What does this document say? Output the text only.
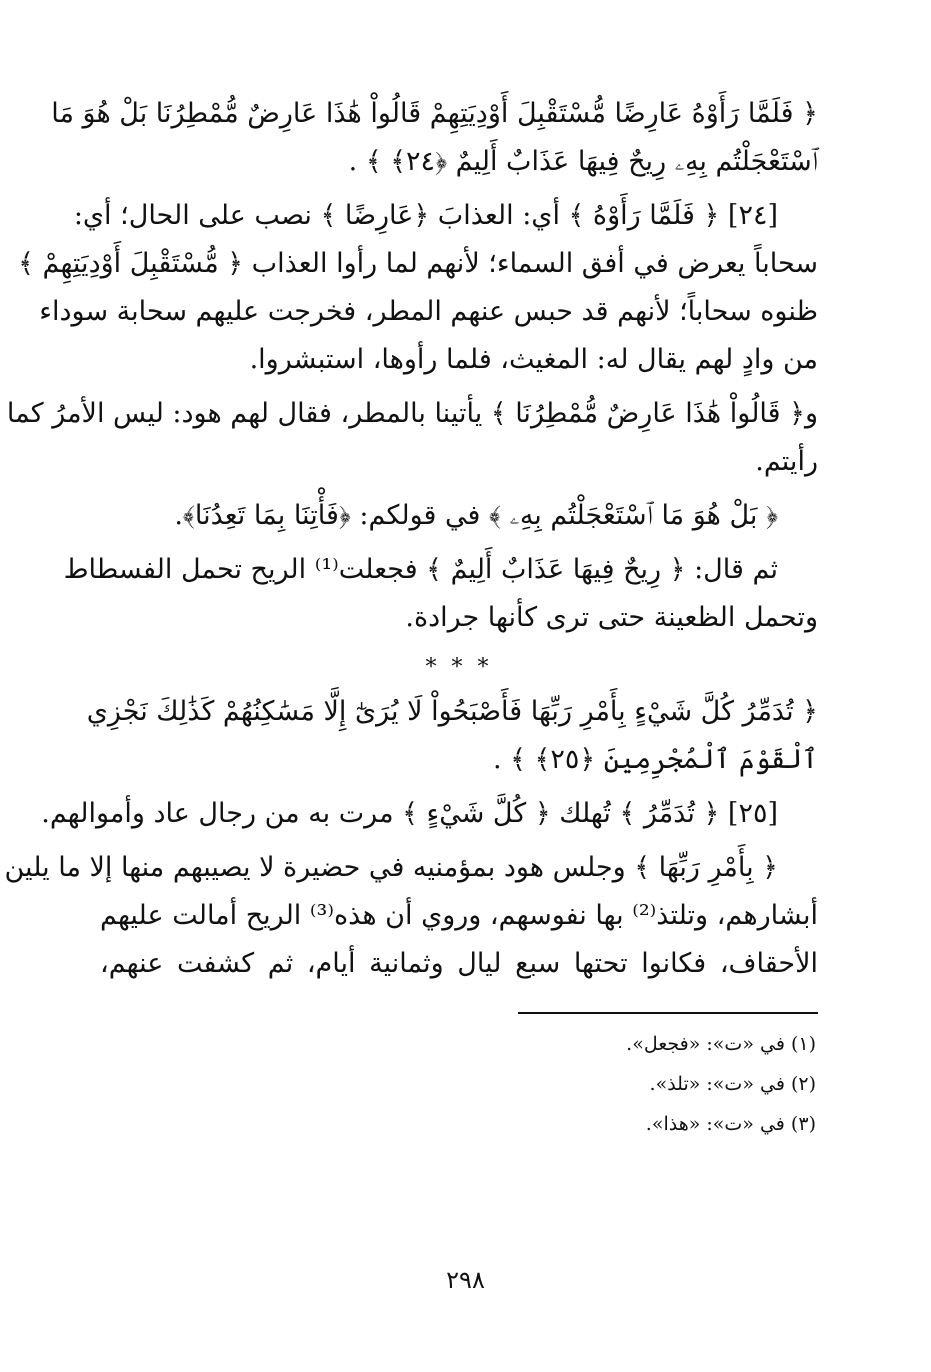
﴿ فَلَمَّا رَأَوْهُ عَارِضًا مُّسْتَقْبِلَ أَوْدِيَتِهِمْ قَالُواْ هَٰذَا عَارِضٌ مُّمْطِرُنَا بَلْ هُوَ مَا
ٱسْتَعْجَلْتُم بِهِۦ رِيحٌ فِيهَا عَذَابٌ أَلِيمٌ ﴿٢٤﴾ ﴾ .
[٢٤] ﴿ فَلَمَّا رَأَوْهُ ﴾ أي: العذابَ ﴿عَارِضًا ﴾ نصب على الحال؛ أي:
سحاباً يعرض في أفق السماء؛ لأنهم لما رأوا العذاب ﴿ مُّسْتَقْبِلَ أَوْدِيَتِهِمْ ﴾
ظنوه سحاباً؛ لأنهم قد حبس عنهم المطر، فخرجت عليهم سحابة سوداء
من وادٍ لهم يقال له: المغيث، فلما رأوها، استبشروا.
و﴿ قَالُواْ هَٰذَا عَارِضٌ مُّمْطِرُنَا ﴾ يأتينا بالمطر، فقال لهم هود: ليس الأمرُ كما
رأيتم.
﴿ بَلْ هُوَ مَا ٱسْتَعْجَلْتُم بِهِۦ ﴾ في قولكم: ﴿فَأْتِنَا بِمَا تَعِدُنَا﴾.
ثم قال: ﴿ رِيحٌ فِيهَا عَذَابٌ أَلِيمٌ ﴾ فجعلت⁽¹⁾ الريح تحمل الفسطاط
وتحمل الظعينة حتى ترى كأنها جرادة.
* * *
﴿ تُدَمِّرُ كُلَّ شَيْءٍ بِأَمْرِ رَبِّهَا فَأَصْبَحُواْ لَا يُرَىٰٓ إِلَّا مَسَٰكِنُهُمْ كَذَٰلِكَ نَجْزِي
ٱلْقَوْمَ ٱلْمُجْرِمِينَ ﴿٢٥﴾ ﴾ .
[٢٥] ﴿ تُدَمِّرُ ﴾ تُهلك ﴿ كُلَّ شَيْءٍ ﴾ مرت به من رجال عاد وأموالهم.
﴿ بِأَمْرِ رَبِّهَا ﴾ وجلس هود بمؤمنيه في حضيرة لا يصيبهم منها إلا ما يلين
أبشارهم، وتلتذ⁽²⁾ بها نفوسهم، وروي أن هذه⁽³⁾ الريح أمالت عليهم
الأحقاف، فكانوا تحتها سبع ليال وثمانية أيام، ثم كشفت عنهم،
(١) في «ت»: «فجعل».
(٢) في «ت»: «تلذ».
(٣) في «ت»: «هذا».
٢٩٨
